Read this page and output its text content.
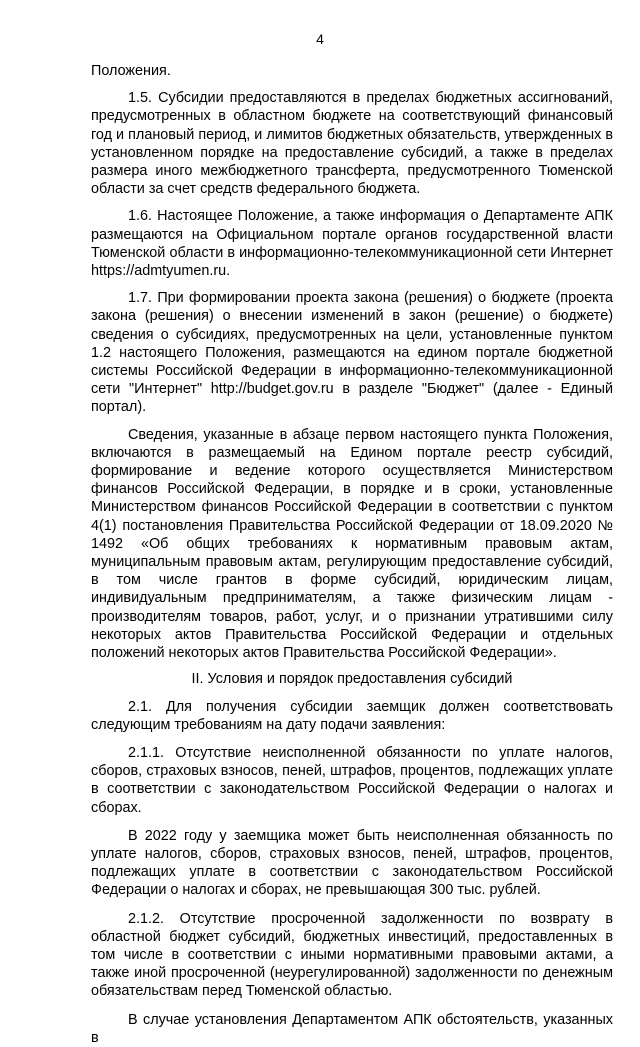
4

Положения.

1.5. Субсидии предоставляются в пределах бюджетных ассигнований, предусмотренных в областном бюджете на соответствующий финансовый год и плановый период, и лимитов бюджетных обязательств, утвержденных в установленном порядке на предоставление субсидий, а также в пределах размера иного межбюджетного трансферта, предусмотренного Тюменской области за счет средств федерального бюджета.

1.6. Настоящее Положение, а также информация о Департаменте АПК размещаются на Официальном портале органов государственной власти Тюменской области в информационно-телекоммуникационной сети Интернет https://admtyumen.ru.

1.7. При формировании проекта закона (решения) о бюджете (проекта закона (решения) о внесении изменений в закон (решение) о бюджете) сведения о субсидиях, предусмотренных на цели, установленные пунктом 1.2 настоящего Положения, размещаются на едином портале бюджетной системы Российской Федерации в информационно-телекоммуникационной сети "Интернет" http://budget.gov.ru в разделе "Бюджет" (далее - Единый портал).

Сведения, указанные в абзаце первом настоящего пункта Положения, включаются в размещаемый на Едином портале реестр субсидий, формирование и ведение которого осуществляется Министерством финансов Российской Федерации, в порядке и в сроки, установленные Министерством финансов Российской Федерации в соответствии с пунктом 4(1) постановления Правительства Российской Федерации от 18.09.2020 № 1492 «Об общих требованиях к нормативным правовым актам, муниципальным правовым актам, регулирующим предоставление субсидий, в том числе грантов в форме субсидий, юридическим лицам, индивидуальным предпринимателям, а также физическим лицам - производителям товаров, работ, услуг, и о признании утратившими силу некоторых актов Правительства Российской Федерации и отдельных положений некоторых актов Правительства Российской Федерации».

II. Условия и порядок предоставления субсидий

2.1. Для получения субсидии заемщик должен соответствовать следующим требованиям на дату подачи заявления:

2.1.1. Отсутствие неисполненной обязанности по уплате налогов, сборов, страховых взносов, пеней, штрафов, процентов, подлежащих уплате в соответствии с законодательством Российской Федерации о налогах и сборах.

В 2022 году у заемщика может быть неисполненная обязанность по уплате налогов, сборов, страховых взносов, пеней, штрафов, процентов, подлежащих уплате в соответствии с законодательством Российской Федерации о налогах и сборах, не превышающая 300 тыс. рублей.

2.1.2. Отсутствие просроченной задолженности по возврату в областной бюджет субсидий, бюджетных инвестиций, предоставленных в том числе в соответствии с иными нормативными правовыми актами, а также иной просроченной (неурегулированной) задолженности по денежным обязательствам перед Тюменской областью.

В случае установления Департаментом АПК обстоятельств, указанных в
